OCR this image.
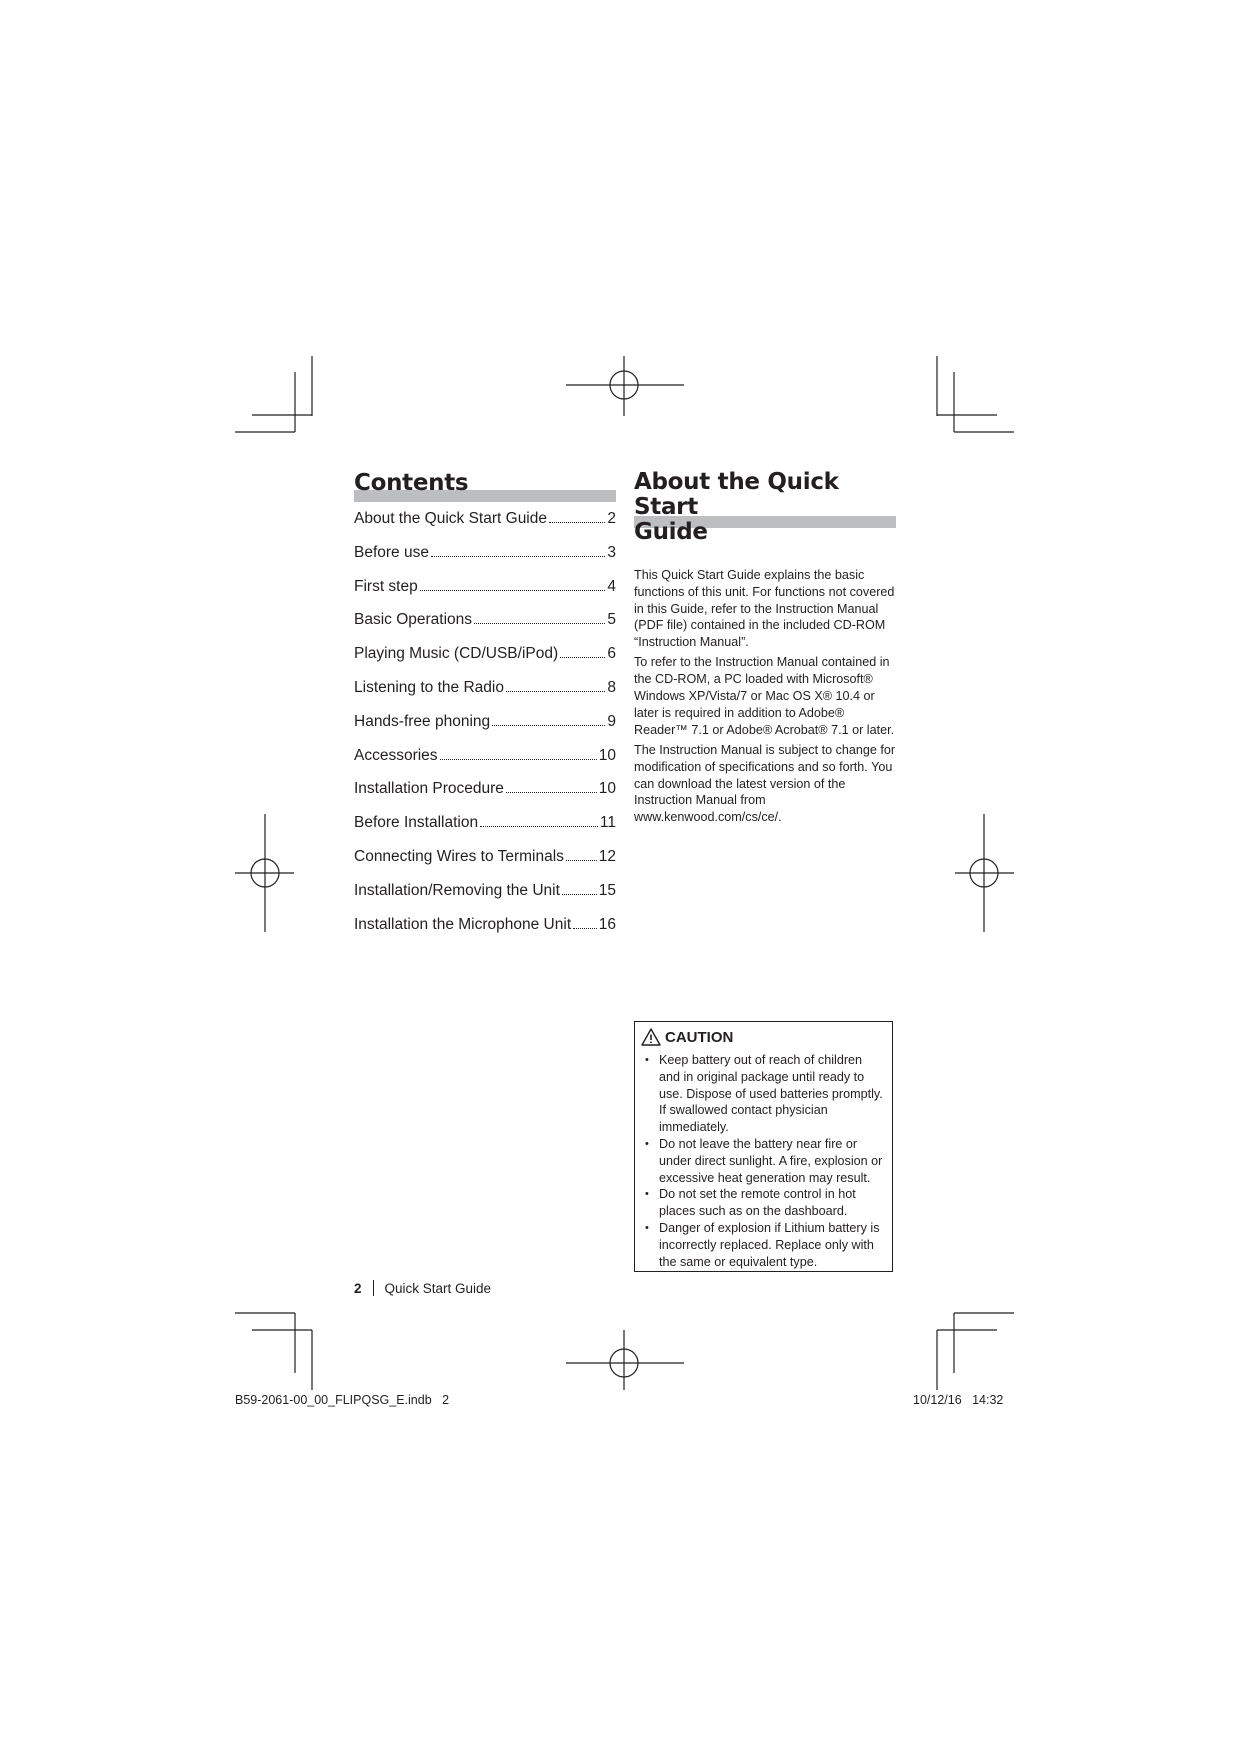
Contents
About the Quick Start Guide	2
Before use	3
First step	4
Basic Operations	5
Playing Music (CD/USB/iPod)	6
Listening to the Radio	8
Hands-free phoning	9
Accessories	10
Installation Procedure	10
Before Installation	11
Connecting Wires to Terminals 12
Installation/Removing the Unit	15
Installation the Microphone Unit 16
About the Quick Start
Guide

This Quick Start Guide explains the basic functions of this unit. For functions not covered in this Guide, refer to the Instruction Manual (PDF file) contained in the included CD-ROM “Instruction Manual”.

To refer to the Instruction Manual contained in the CD-ROM, a PC loaded with Microsoft® Windows XP/Vista/7 or Mac OS X® 10.4 or later is required in addition to Adobe® Reader™ 7.1 or Adobe® Acrobat® 7.1 or later.

The Instruction Manual is subject to change for modification of specifications and so forth. You can download the latest version of the Instruction Manual from www.kenwood.com/cs/ce/.

CAUTION
• Keep battery out of reach of children and in original package until ready to use. Dispose of used batteries promptly. If swallowed contact physician immediately.
• Do not leave the battery near fire or under direct sunlight. A fire, explosion or excessive heat generation may result.
• Do not set the remote control in hot places such as on the dashboard.
• Danger of explosion if Lithium battery is incorrectly replaced. Replace only with the same or equivalent type.
2 Quick Start Guide
B59-2061-00_00_FLIPQSG_E.indb   2	10/12/16   14:32
